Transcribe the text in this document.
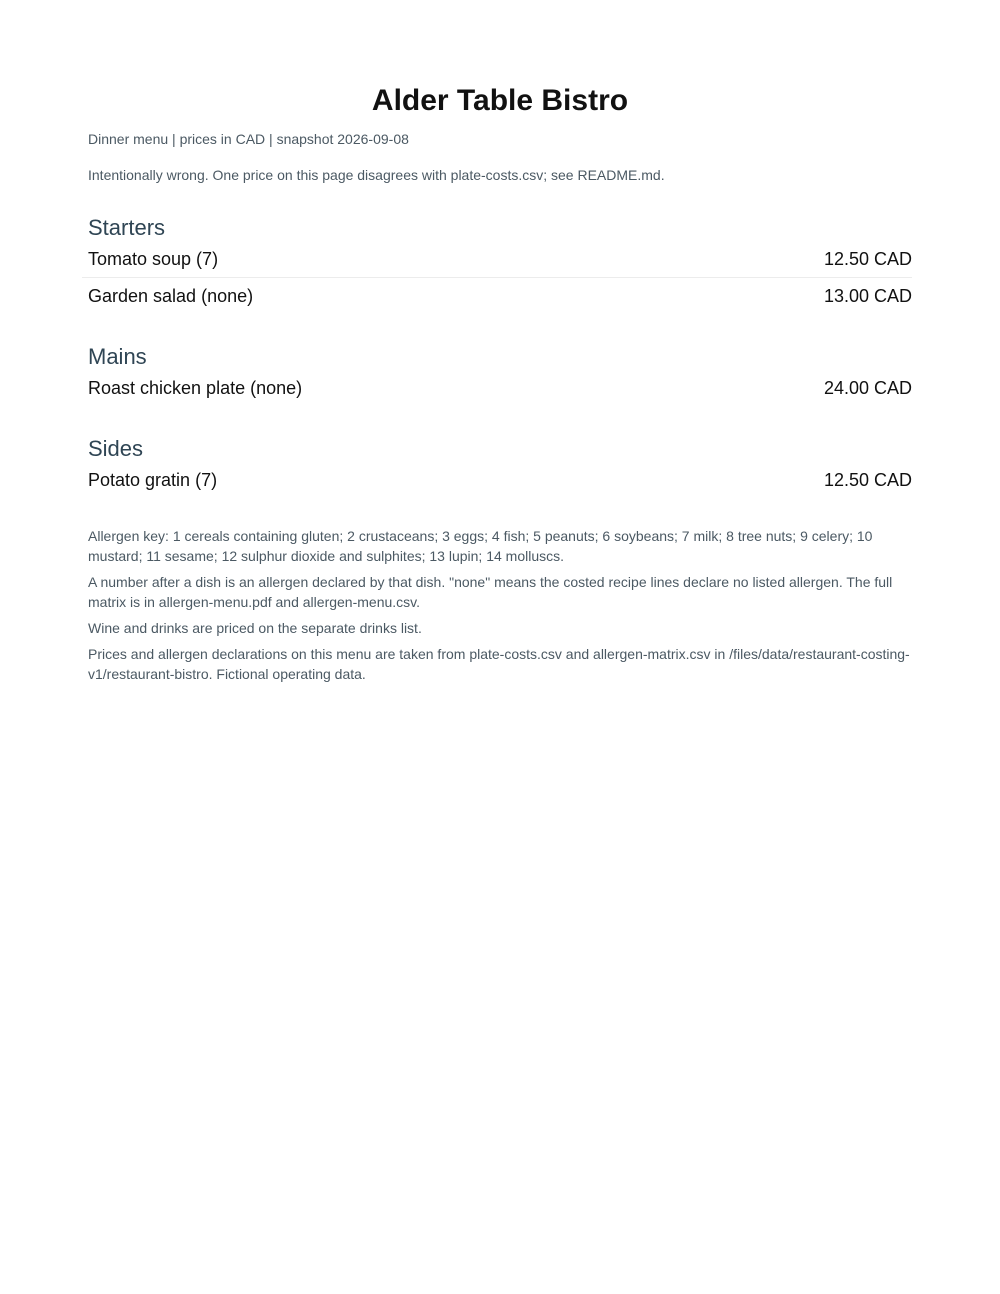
Alder Table Bistro

Dinner menu | prices in CAD | snapshot 2026-09-08

Intentionally wrong. One price on this page disagrees with plate-costs.csv; see README.md.

Starters
Tomato soup (7)	12.50 CAD
Garden salad (none)	13.00 CAD
Mains
Roast chicken plate (none)	24.00 CAD
Sides
Potato gratin (7)	12.50 CAD

Allergen key: 1 cereals containing gluten; 2 crustaceans; 3 eggs; 4 fish; 5 peanuts; 6 soybeans; 7 milk; 8 tree nuts; 9 celery; 10 mustard; 11 sesame; 12 sulphur dioxide and sulphites; 13 lupin; 14 molluscs.

A number after a dish is an allergen declared by that dish. "none" means the costed recipe lines declare no listed allergen. The full matrix is in allergen-menu.pdf and allergen-menu.csv.

Wine and drinks are priced on the separate drinks list.

Prices and allergen declarations on this menu are taken from plate-costs.csv and allergen-matrix.csv in /files/data/restaurant-costing-v1/restaurant-bistro. Fictional operating data.
